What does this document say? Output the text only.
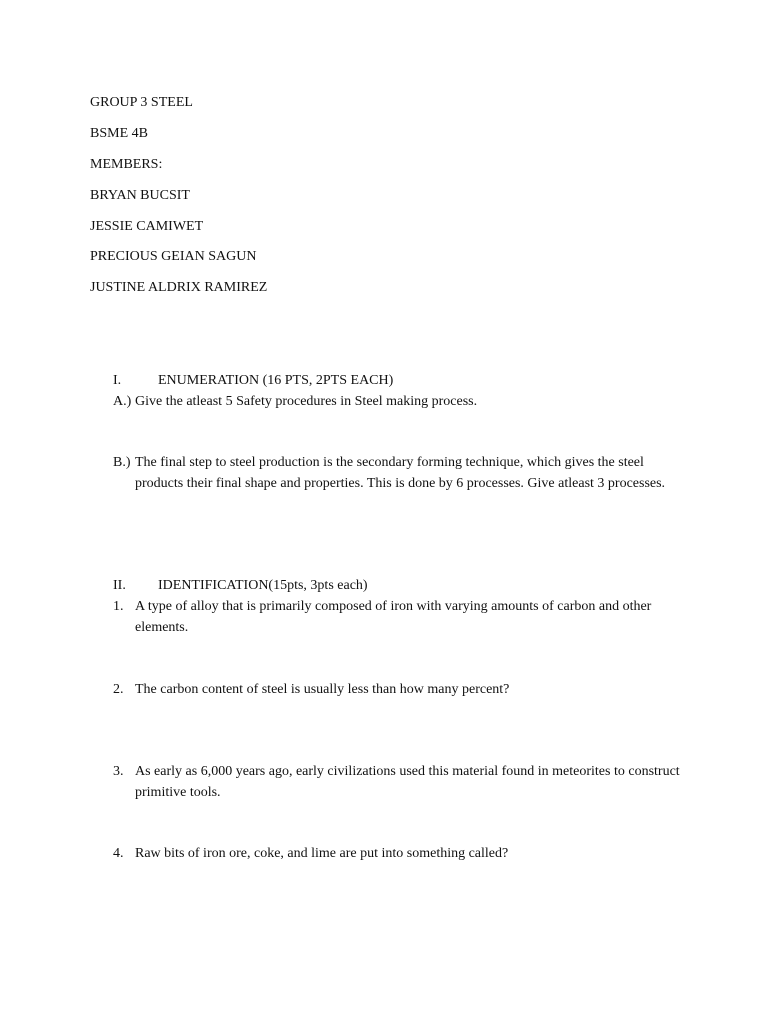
GROUP 3 STEEL
BSME 4B
MEMBERS:
BRYAN BUCSIT
JESSIE CAMIWET
PRECIOUS GEIAN SAGUN
JUSTINE ALDRIX RAMIREZ
I.	ENUMERATION (16 PTS, 2PTS EACH)
A.) Give the atleast 5 Safety procedures in Steel making process.
B.) The final step to steel production is the secondary forming technique, which gives the steel products their final shape and properties. This is done by 6 processes. Give atleast 3 processes.
II. IDENTIFICATION(15pts, 3pts each)
1. A type of alloy that is primarily composed of iron with varying amounts of carbon and other elements.
2. The carbon content of steel is usually less than how many percent?
3. As early as 6,000 years ago, early civilizations used this material found in meteorites to construct primitive tools.
4. Raw bits of iron ore, coke, and lime are put into something called?
